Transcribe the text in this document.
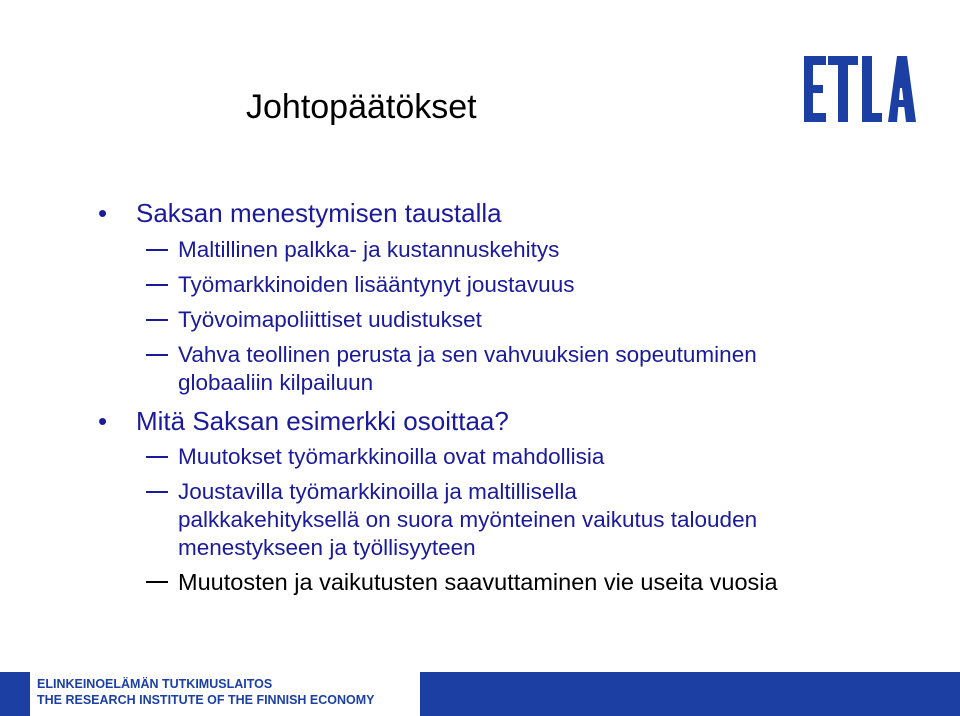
Johtopäätökset
• Saksan menestymisen taustalla
Maltillinen palkka- ja kustannuskehitys
Työmarkkinoiden lisääntynyt joustavuus
Työvoimapoliittiset uudistukset
Vahva teollinen perusta ja sen vahvuuksien sopeutuminen
globaaliin kilpailuun
• Mitä Saksan esimerkki osoittaa?
Muutokset työmarkkinoilla ovat mahdollisia
Joustavilla työmarkkinoilla ja maltillisella
palkkakehityksellä on suora myönteinen vaikutus talouden
menestykseen ja työllisyyteen
Muutosten ja vaikutusten saavuttaminen vie useita vuosia
ELINKEINOELÄMÄN TUTKIMUSLAITOS
THE RESEARCH INSTITUTE OF THE FINNISH ECONOMY
